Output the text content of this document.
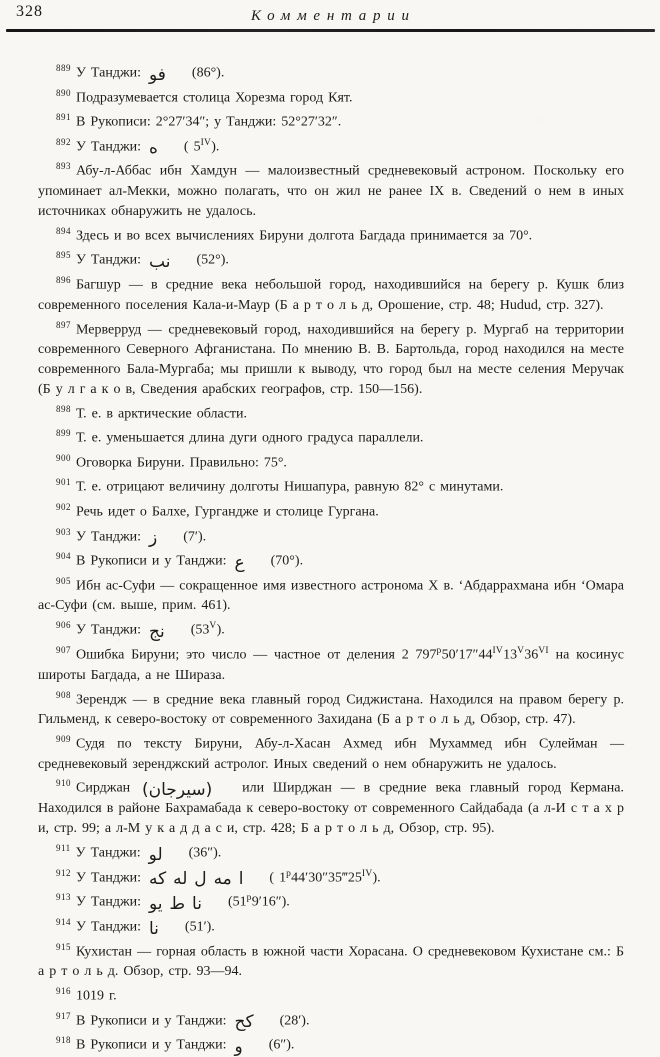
328	Комментарии

$^{889}$ У Танджи: فو (86°).

$^{890}$ Подразумевается столица Хорезма город Кят.

$^{891}$ В Рукописи: 2°27′34″; у Танджи: 52°27′32″.

$^{892}$ У Танджи: ه ( $5^{IV}$).

$^{893}$ Абу-л-Аббас ибн Хамдун — малоизвестный средневековый астроном. Поскольку его упоминает ал-Мекки, можно полагать, что он жил не ранее IX в. Сведений о нем в иных источниках обнаружить не удалось.

$^{894}$ Здесь и во всех вычислениях Бируни долгота Багдада принимается за 70°.

$^{895}$ У Танджи: نب (52°).

$^{896}$ Багшур — в средние века небольшой город, находившийся на берегу р. Кушк близ современного поселения Кала-и-Маур (Б а р т о л ь д, Орошение, стр. 48; Hudud, стр. 327).

$^{897}$ Мерверруд — средневековый город, находившийся на берегу р. Мургаб на территории современного Северного Афганистана. По мнению В. В. Бартольда, город находился на месте современного Бала-Мургаба; мы пришли к выводу, что город был на месте селения Меручак (Б у л г а к о в, Сведения арабских географов, стр. 150—156).

$^{898}$ Т. е. в арктические области.

$^{899}$ Т. е. уменьшается длина дуги одного градуса параллели.

$^{900}$ Оговорка Бируни. Правильно: 75°.

$^{901}$ Т. е. отрицают величину долготы Нишапура, равную 82° с минутами.

$^{902}$ Речь идет о Балхе, Гургандже и столице Гургана.

$^{903}$ У Танджи: ز (7′).

$^{904}$ В Рукописи и у Танджи: ع (70°).

$^{905}$ Ибн ас-Суфи — сокращенное имя известного астронома X в. ‘Абдаррахмана ибн ‘Омара ас-Суфи (см. выше, прим. 461).

$^{906}$ У Танджи: نج $(53^V)$.

$^{907}$ Ошибка Бируни; это число — частное от деления 2 $797^p50'17''44^{IV}13^V36^{VI}$ на косинус широты Багдада, а не Шираза.

$^{908}$ Зерендж — в средние века главный город Сиджистана. Находился на правом берегу р. Гильменд, к северо-востоку от современного Захидана (Б а р т о л ь д, Обзор, стр. 47).

$^{909}$ Судя по тексту Бируни, Абу-л-Хасан Ахмед ибн Мухаммед ибн Сулейман — средневековый зеренджский астролог. Иных сведений о нем обнаружить не удалось.

$^{910}$ Сирджан (سيرجان) или Ширджан — в средние века главный город Кермана. Находился в районе Бахрамабада к северо-востоку от современного Сайдабада (а л-И с т а х р и, стр. 99; а л-М у к а д д а с и, стр. 428; Б а р т о л ь д, Обзор, стр. 95).

$^{911}$ У Танджи: لو (36″).

$^{912}$ У Танджи: ا مه ل له كه ( $1^p44'30''35‴25^{IV}$).

$^{913}$ У Танджи: نا ط يو (51$^p$9′16″).

$^{914}$ У Танджи: نا (51′).

$^{915}$ Кухистан — горная область в южной части Хорасана. О средневековом Кухистане см.: Б а р т о л ь д. Обзор, стр. 93—94.

$^{916}$ 1019 г.

$^{917}$ В Рукописи и у Танджи: كح (28′).

$^{918}$ В Рукописи и у Танджи: و (6″).
